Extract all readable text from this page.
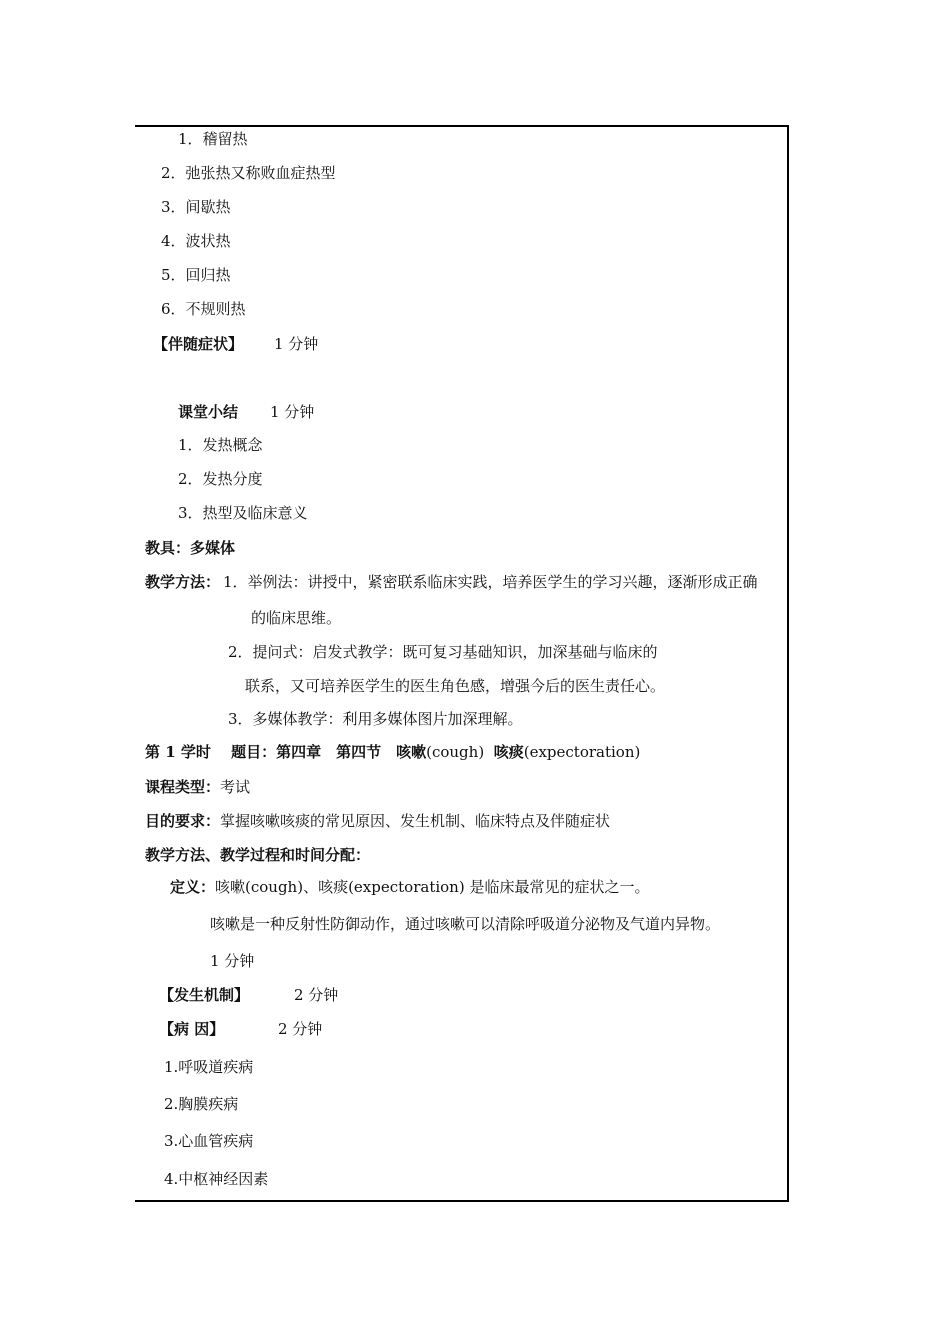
1．稽留热
2．弛张热又称败血症热型
3．间歇热
4．波状热
5．回归热
6．不规则热
【伴随症状】 1 分钟
课堂小结 1 分钟
1．发热概念
2．发热分度
3．热型及临床意义
教具：多媒体
教学方法： 1．举例法：讲授中，紧密联系临床实践，培养医学生的学习兴趣，逐渐形成正确
的临床思维。
2．提问式：启发式教学：既可复习基础知识，加深基础与临床的
联系，又可培养医学生的医生角色感，增强今后的医生责任心。
3．多媒体教学：利用多媒体图片加深理解。
第 1 学时　 题目：第四章　第四节　咳嗽(cough) 咳痰(expectoration)
课程类型：考试
目的要求：掌握咳嗽咳痰的常见原因、发生机制、临床特点及伴随症状
教学方法、教学过程和时间分配：
定义：咳嗽(cough)、咳痰(expectoration) 是临床最常见的症状之一。
咳嗽是一种反射性防御动作，通过咳嗽可以清除呼吸道分泌物及气道内异物。
1 分钟
【发生机制】	2 分钟
【病 因】	2 分钟
1.呼吸道疾病
2.胸膜疾病
3.心血管疾病
4.中枢神经因素
